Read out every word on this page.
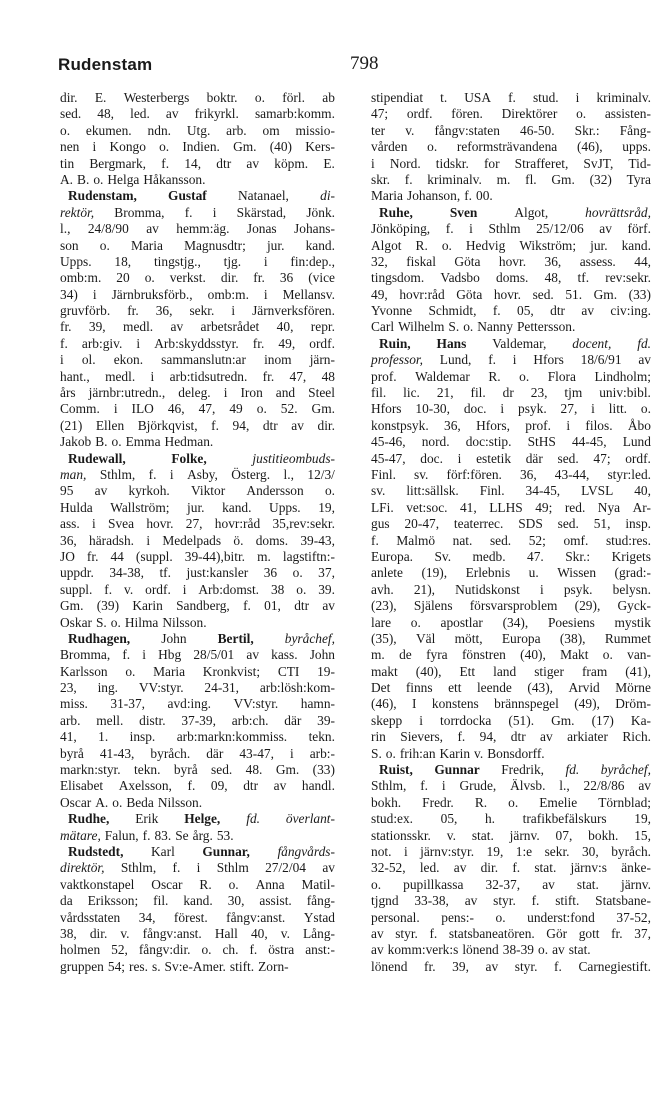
Rudenstam	798
dir. E. Westerbergs boktr. o. förl. ab
sed. 48, led. av frikyrkl. samarb:komm.
o. ekumen. ndn. Utg. arb. om missio-
nen i Kongo o. Indien. Gm. (40) Kers-
tin Bergmark, f. 14, dtr av köpm. E.
A. B. o. Helga Håkansson.
Rudenstam, Gustaf Natanael, di-
rektör, Bromma, f. i Skärstad, Jönk.
l., 24/8/90 av hemm:äg. Jonas Johans-
son o. Maria Magnusdtr; jur. kand.
Upps. 18, tingstjg., tjg. i fin:dep.,
omb:m. 20 o. verkst. dir. fr. 36 (vice
34) i Järnbruksförb., omb:m. i Mellansv.
gruvförb. fr. 36, sekr. i Järnverksfören.
fr. 39, medl. av arbetsrådet 40, repr.
f. arb:giv. i Arb:skyddsstyr. fr. 49, ordf.
i ol. ekon. sammanslutn:ar inom järn-
hant., medl. i arb:tidsutredn. fr. 47, 48
års järnbr:utredn., deleg. i Iron and Steel
Comm. i ILO 46, 47, 49 o. 52. Gm.
(21) Ellen Björkqvist, f. 94, dtr av dir.
Jakob B. o. Emma Hedman.
Rudewall,	Folke,	justitieombuds-
man, Sthlm, f. i Asby, Österg. l., 12/3/
95 av kyrkoh. Viktor Andersson o.
Hulda Wallström; jur. kand. Upps. 19,
ass. i Svea hovr. 27, hovr:råd 35,rev:sekr.
36, häradsh. i Medelpads ö. doms. 39-43,
JO fr. 44 (suppl. 39-44),bitr. m. lagstiftn:-
uppdr. 34-38, tf. just:kansler 36 o. 37,
suppl. f. v. ordf. i Arb:domst. 38 o. 39.
Gm. (39) Karin Sandberg, f. 01, dtr av
Oskar S. o. Hilma Nilsson.
Rudhagen, John Bertil, byråchef,
Bromma, f. i Hbg 28/5/01 av kass. John
Karlsson o. Maria Kronkvist; CTI 19-
23, ing. VV:styr. 24-31, arb:lösh:kom-
miss. 31-37, avd:ing. VV:styr. hamn-
arb. mell. distr. 37-39, arb:ch. där 39-
41, 1. insp. arb:markn:kommiss. tekn.
byrå 41-43, byråch. där 43-47, i arb:-
markn:styr. tekn. byrå sed. 48. Gm. (33)
Elisabet Axelsson, f. 09, dtr av handl.
Oscar A. o. Beda Nilsson.
Rudhe, Erik Helge, fd. överlant-
mätare, Falun, f. 83. Se årg. 53.
Rudstedt, Karl Gunnar, fångvårds-
direktör, Sthlm, f. i Sthlm 27/2/04 av
vaktkonstapel Oscar R. o. Anna Matil-
da Eriksson; fil. kand. 30, assist. fång-
vårdsstaten 34, förest. fångv:anst. Ystad
38, dir. v. fångv:anst. Hall 40, v. Lång-
holmen 52, fångv:dir. o. ch. f. östra anst:-
gruppen 54; res. s. Sv:e-Amer. stift. Zorn-
stipendiat t. USA f. stud. i kriminalv.
47; ordf. fören. Direktörer o. assisten-
ter v. fångv:staten 46-50. Skr.: Fång-
vården o. reformsträvandena (46), upps.
i Nord. tidskr. for Strafferet, SvJT, Tid-
skr. f. kriminalv. m. fl. Gm. (32) Tyra
Maria Johanson, f. 00.
Ruhe,	Sven	Algot,	hovrättsråd,
Jönköping, f. i Sthlm 25/12/06 av förf.
Algot R. o. Hedvig Wikström; jur. kand.
32, fiskal Göta hovr. 36, assess. 44,
tingsdom. Vadsbo doms. 48, tf. rev:sekr.
49, hovr:råd Göta hovr. sed. 51. Gm. (33)
Yvonne Schmidt, f. 05, dtr av civ:ing.
Carl Wilhelm S. o. Nanny Pettersson.
Ruin, Hans Valdemar, docent, fd.
professor, Lund, f. i Hfors 18/6/91 av
prof. Waldemar R. o. Flora Lindholm;
fil. lic. 21, fil. dr 23, tjm univ:bibl.
Hfors 10-30, doc. i psyk. 27, i litt. o.
konstpsyk. 36, Hfors, prof. i filos. Åbo
45-46, nord. doc:stip. StHS 44-45, Lund
45-47, doc. i estetik där sed. 47; ordf.
Finl. sv. förf:fören. 36, 43-44, styr:led.
sv. litt:sällsk. Finl. 34-45, LVSL 40,
LFi. vet:soc. 41, LLHS 49; red. Nya Ar-
gus 20-47, teaterrec. SDS sed. 51, insp.
f. Malmö nat. sed. 52; omf. stud:res.
Europa. Sv. medb. 47. Skr.: Krigets
anlete (19), Erlebnis u. Wissen (grad:-
avh. 21), Nutidskonst i psyk. belysn.
(23), Själens försvarsproblem (29), Gyck-
lare o. apostlar (34), Poesiens mystik
(35), Väl mött, Europa (38), Rummet
m. de fyra fönstren (40), Makt o. van-
makt (40), Ett land stiger fram (41),
Det finns ett leende (43), Arvid Mörne
(46), I konstens brännspegel (49), Dröm-
skepp i torrdocka (51). Gm. (17) Ka-
rin Sievers, f. 94, dtr av arkiater Rich.
S. o. frih:an Karin v. Bonsdorff.
Ruist, Gunnar Fredrik, fd. byråchef,
Sthlm, f. i Grude, Älvsb. l., 22/8/86 av
bokh. Fredr. R. o. Emelie Törnblad;
stud:ex. 05, h. trafikbefälskurs 19,
stationsskr. v. stat. järnv. 07, bokh. 15,
not. i järnv:styr. 19, 1:e sekr. 30, byråch.
32-52, led. av dir. f. stat. järnv:s änke-
o. pupillkassa 32-37, av stat. järnv.
tjgnd 33-38, av styr. f. stift. Statsbane-
personal. pens:- o. underst:fond 37-52,
av styr. f. statsbaneatören. Gör gott fr. 37,
av komm:verk:s lönend 38-39 o. av stat.
lönend fr. 39, av styr. f. Carnegiestift.
